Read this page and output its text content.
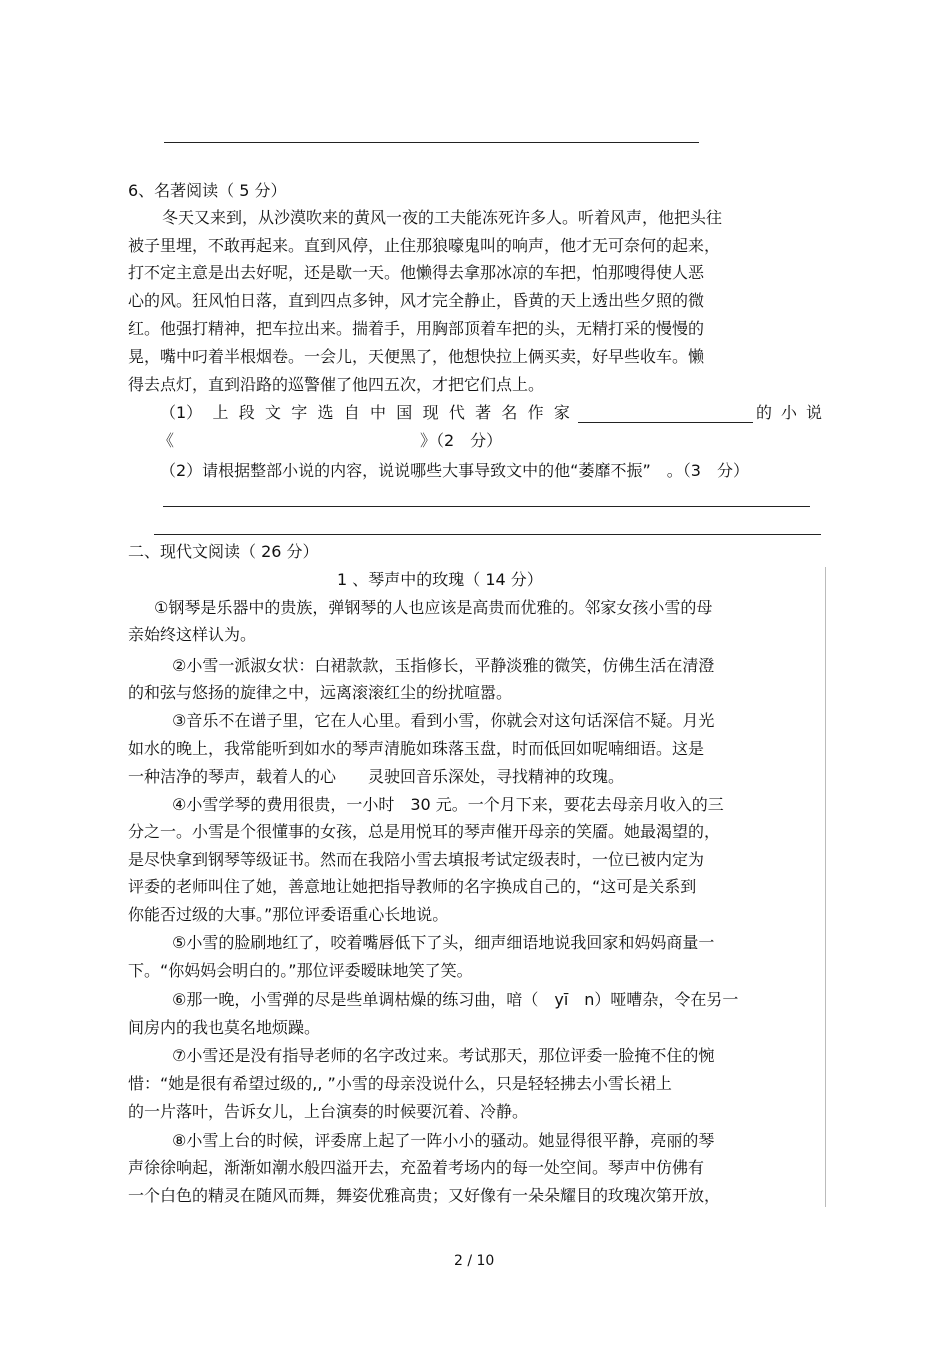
6、名著阅读（ 5 分）
冬天又来到，从沙漠吹来的黄风一夜的工夫能冻死许多人。听着风声，他把头往
被子里埋，不敢再起来。直到风停，止住那狼嚎鬼叫的响声，他才无可奈何的起来，
打不定主意是出去好呢，还是歇一天。他懒得去拿那冰凉的车把，怕那嗖得使人恶
心的风。狂风怕日落，直到四点多钟，风才完全静止，昏黄的天上透出些夕照的微
红。他强打精神，把车拉出来。揣着手，用胸部顶着车把的头，无精打采的慢慢的
晃，嘴中叼着半根烟卷。一会儿，天便黑了，他想快拉上俩买卖，好早些收车。懒
得去点灯，直到沿路的巡警催了他四五次，才把它们点上。
（1） 上 段 文 字 选 自 中 国 现 代 著 名 作 家	的 小 说
《	》（2　分）
（2）请根据整部小说的内容，说说哪些大事导致文中的他“萎靡不振”　。（3　分）
二、现代文阅读（ 26 分）
1 、琴声中的玫瑰（ 14 分）
①钢琴是乐器中的贵族，弹钢琴的人也应该是高贵而优雅的。邻家女孩小雪的母
亲始终这样认为。
②小雪一派淑女状：白裙款款，玉指修长，平静淡雅的微笑，仿佛生活在清澄
的和弦与悠扬的旋律之中，远离滚滚红尘的纷扰喧嚣。
③音乐不在谱子里，它在人心里。看到小雪，你就会对这句话深信不疑。月光
如水的晚上，我常能听到如水的琴声清脆如珠落玉盘，时而低回如呢喃细语。这是
一种洁净的琴声，载着人的心　　灵驶回音乐深处，寻找精神的玫瑰。
④小雪学琴的费用很贵，一小时　30 元。一个月下来，要花去母亲月收入的三
分之一。小雪是个很懂事的女孩，总是用悦耳的琴声催开母亲的笑靥。她最渴望的，
是尽快拿到钢琴等级证书。然而在我陪小雪去填报考试定级表时，一位已被内定为
评委的老师叫住了她，善意地让她把指导教师的名字换成自己的，“这可是关系到
你能否过级的大事。”那位评委语重心长地说。
⑤小雪的脸刷地红了，咬着嘴唇低下了头，细声细语地说我回家和妈妈商量一
下。“你妈妈会明白的。”那位评委暧昧地笑了笑。
⑥那一晚，小雪弹的尽是些单调枯燥的练习曲，喑（　yī　n）哑嘈杂，令在另一
间房内的我也莫名地烦躁。
⑦小雪还是没有指导老师的名字改过来。考试那天，那位评委一脸掩不住的惋
惜：“她是很有希望过级的,, ”小雪的母亲没说什么，只是轻轻拂去小雪长裙上
的一片落叶，告诉女儿，上台演奏的时候要沉着、冷静。
⑧小雪上台的时候，评委席上起了一阵小小的骚动。她显得很平静，亮丽的琴
声徐徐响起，渐渐如潮水般四溢开去，充盈着考场内的每一处空间。琴声中仿佛有
一个白色的精灵在随风而舞，舞姿优雅高贵；又好像有一朵朵耀目的玫瑰次第开放，
2 / 10
